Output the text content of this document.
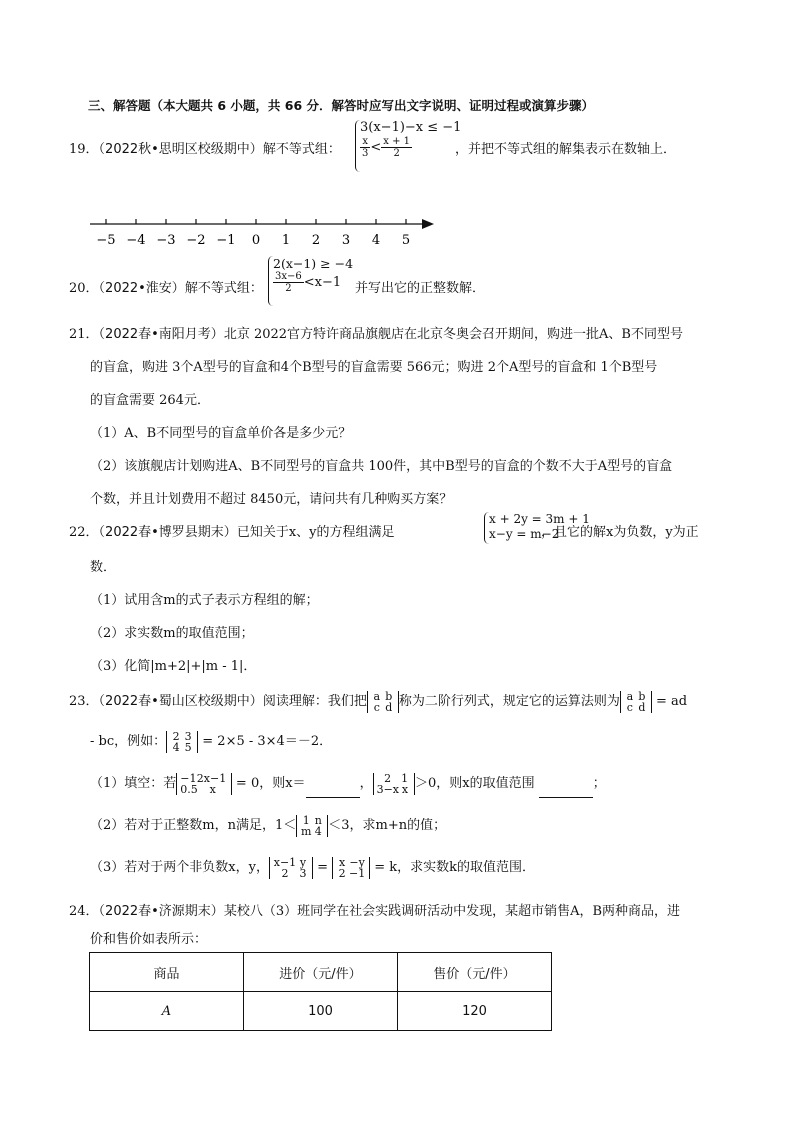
三、解答题（本大题共 6 小题，共 66 分．解答时应写出文字说明、证明过程或演算步骤）
19．（2022秋•思明区校级期中）解不等式组：
3(x−1)−x ≤ −1
$\frac{x}{3} < \frac{x + 1}{2}$	，并把不等式组的解集表示在数轴上．
−5 −4 −3 −2 −1 0 1 2 3 4 5
20．（2022•淮安）解不等式组：
2(x−1) ≥ −4
$\frac{3x-6}{2} <x-1$	并写出它的正整数解．
21．（2022春•南阳月考）北京 2022官方特许商品旗舰店在北京冬奥会召开期间，购进一批A、B不同型号
的盲盒，购进 3个A型号的盲盒和4个B型号的盲盒需要 566元；购进 2个A型号的盲盒和 1个B型号
的盲盒需要 264元．
（1）A、B不同型号的盲盒单价各是多少元？
（2）该旗舰店计划购进A、B不同型号的盲盒共 100件，其中B型号的盲盒的个数不大于A型号的盲盒
个数，并且计划费用不超过 8450元，请问共有几种购买方案？
22．（2022春•博罗县期末）已知关于x、y的方程组满足
x + 2y = 3m + 1
x−y = m−2
，且它的解x为负数，y为正
数．
（1）试用含m的式子表示方程组的解；
（2）求实数m的取值范围；
（3）化简|m+2|+|m - 1|．
23．（2022春•蜀山区校级期中）阅读理解：我们把 a b
c d 称为二阶行列式，规定它的运算法则为 a b
c d = ad
- bc，例如： 2 3
4 5 = 2×5 - 3×4＝－2．
（1）填空：若 −12x−1
0.5 x = 0，则x＝	， 2 1
3−x x ＞0，则x的取值范围	；
（2）若对于正整数m，n满足，1＜ 1 n
m 4 ＜3，求m+n的值；
（3）若对于两个非负数x，y， x−1 y
2 3 = x −y
2 −1 = k，求实数k的取值范围．
24．（2022春•济源期末）某校八（3）班同学在社会实践调研活动中发现，某超市销售A，B两种商品，进
价和售价如表所示：
商品	进价（元/件）	售价（元/件）
A	100	120
